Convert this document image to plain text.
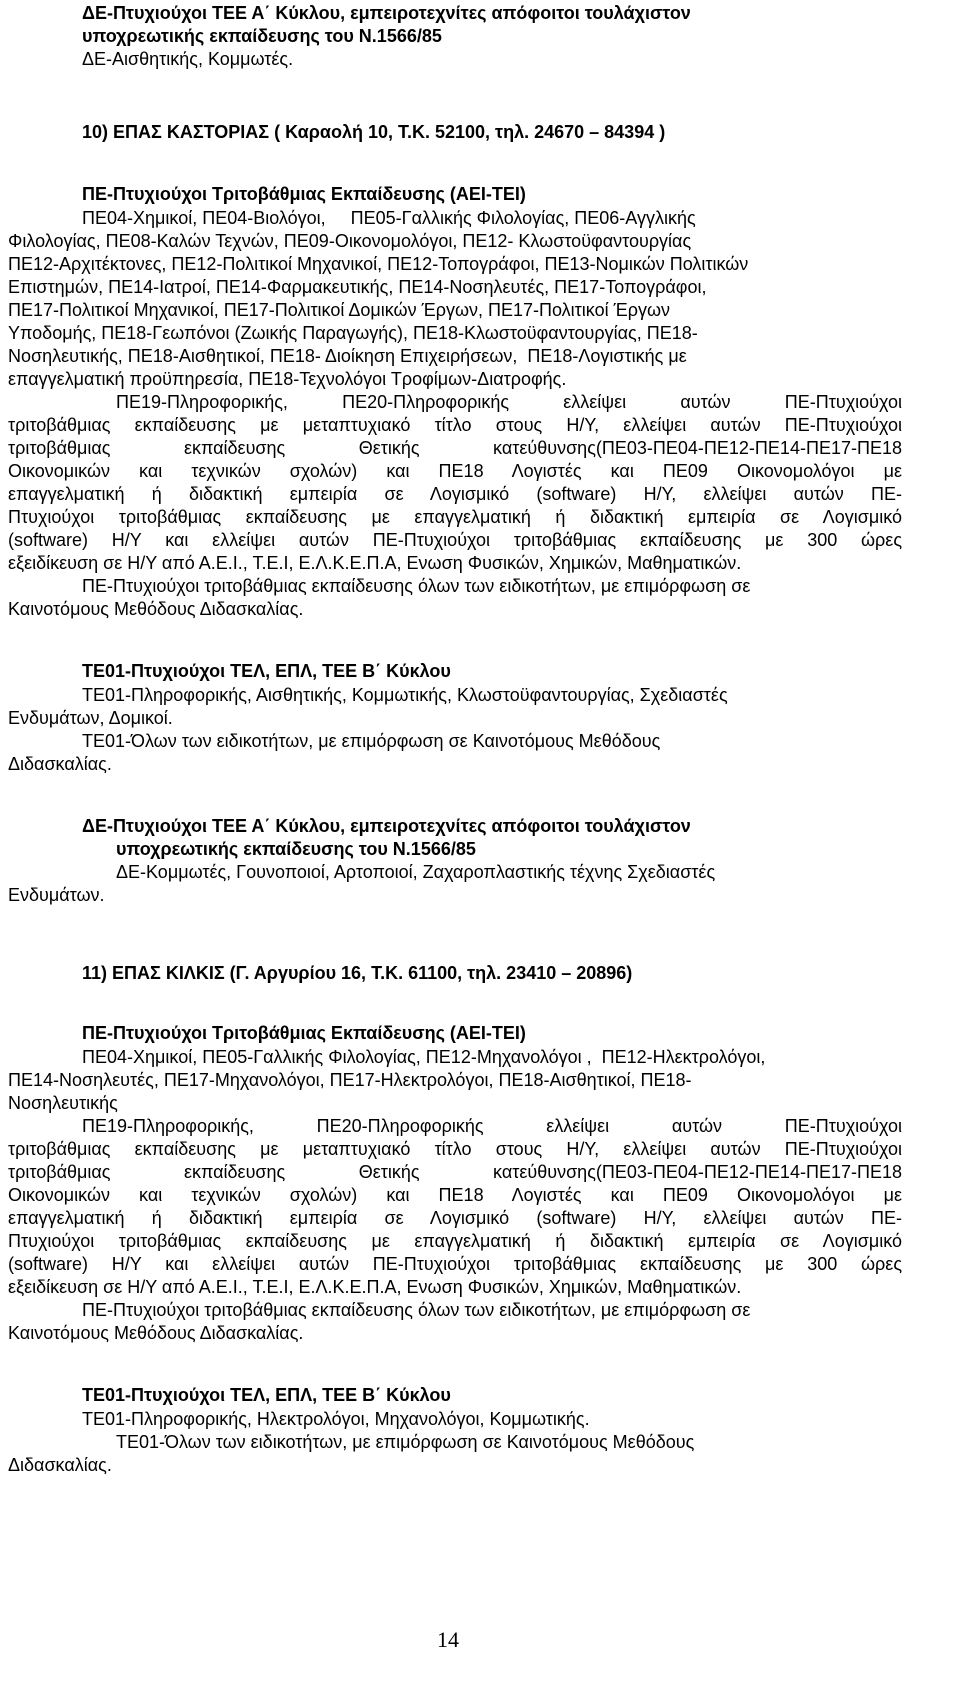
ΔΕ-Πτυχιούχοι ΤΕΕ Α΄ Κύκλου, εμπειροτεχνίτες απόφοιτοι τουλάχιστον
υποχρεωτικής εκπαίδευσης του Ν.1566/85
ΔΕ-Αισθητικής, Κομμωτές.
10) ΕΠΑΣ ΚΑΣΤΟΡΙΑΣ ( Καραολή 10, Τ.Κ. 52100, τηλ. 24670 – 84394 )
ΠΕ-Πτυχιούχοι Τριτοβάθμιας Εκπαίδευσης (ΑΕΙ-ΤΕΙ)
ΠΕ04-Χημικοί, ΠΕ04-Βιολόγοι,     ΠΕ05-Γαλλικής Φιλολογίας, ΠΕ06-Αγγλικής
Φιλολογίας, ΠΕ08-Καλών Τεχνών, ΠΕ09-Οικονομολόγοι, ΠΕ12- Κλωστοϋφαντουργίας
ΠΕ12-Αρχιτέκτονες, ΠΕ12-Πολιτικοί Μηχανικοί, ΠΕ12-Τοπογράφοι, ΠΕ13-Νομικών Πολιτικών
Επιστημών, ΠΕ14-Ιατροί, ΠΕ14-Φαρμακευτικής, ΠΕ14-Νοσηλευτές, ΠΕ17-Τοπογράφοι,
ΠΕ17-Πολιτικοί Μηχανικοί, ΠΕ17-Πολιτικοί Δομικών Έργων, ΠΕ17-Πολιτικοί Έργων
Υποδομής, ΠΕ18-Γεωπόνοι (Ζωικής Παραγωγής), ΠΕ18-Κλωστοϋφαντουργίας, ΠΕ18-
Νοσηλευτικής, ΠΕ18-Αισθητικοί, ΠΕ18- Διοίκηση Επιχειρήσεων,  ΠΕ18-Λογιστικής με
επαγγελματική προϋπηρεσία, ΠΕ18-Τεχνολόγοι Τροφίμων-Διατροφής.
ΠΕ19-Πληροφορικής, ΠΕ20-Πληροφορικής ελλείψει αυτών ΠΕ-Πτυχιούχοι
τριτοβάθμιας εκπαίδευσης με μεταπτυχιακό τίτλο στους Η/Υ, ελλείψει αυτών ΠΕ-Πτυχιούχοι
τριτοβάθμιας εκπαίδευσης Θετικής κατεύθυνσης(ΠΕ03-ΠΕ04-ΠΕ12-ΠΕ14-ΠΕ17-ΠΕ18
Οικονομικών και τεχνικών σχολών) και ΠΕ18 Λογιστές και ΠΕ09 Οικονομολόγοι με
επαγγελματική ή διδακτική εμπειρία σε Λογισμικό (software) Η/Υ, ελλείψει αυτών ΠΕ-
Πτυχιούχοι τριτοβάθμιας εκπαίδευσης με επαγγελματική ή διδακτική εμπειρία σε Λογισμικό
(software) Η/Υ και ελλείψει αυτών ΠΕ-Πτυχιούχοι τριτοβάθμιας εκπαίδευσης με 300 ώρες
εξειδίκευση σε Η/Υ από Α.Ε.Ι., Τ.Ε.Ι, Ε.Λ.Κ.Ε.Π.Α, Ενωση Φυσικών, Χημικών, Μαθηματικών.
ΠΕ-Πτυχιούχοι τριτοβάθμιας εκπαίδευσης όλων των ειδικοτήτων, με επιμόρφωση σε
Καινοτόμους Μεθόδους Διδασκαλίας.
ΤΕ01-Πτυχιούχοι ΤΕΛ, ΕΠΛ, ΤΕΕ Β΄ Κύκλου
ΤΕ01-Πληροφορικής, Αισθητικής, Κομμωτικής, Κλωστοϋφαντουργίας, Σχεδιαστές
Ενδυμάτων, Δομικοί.
ΤΕ01-Όλων των ειδικοτήτων, με επιμόρφωση σε Καινοτόμους Μεθόδους
Διδασκαλίας.
ΔΕ-Πτυχιούχοι ΤΕΕ Α΄ Κύκλου, εμπειροτεχνίτες απόφοιτοι τουλάχιστον
υποχρεωτικής εκπαίδευσης του Ν.1566/85
ΔΕ-Κομμωτές, Γουνοποιοί, Αρτοποιοί, Ζαχαροπλαστικής τέχνης Σχεδιαστές
Ενδυμάτων.
11) ΕΠΑΣ ΚΙΛΚΙΣ (Γ. Αργυρίου 16, Τ.Κ. 61100, τηλ. 23410 – 20896)
ΠΕ-Πτυχιούχοι Τριτοβάθμιας Εκπαίδευσης (ΑΕΙ-ΤΕΙ)
ΠΕ04-Χημικοί, ΠΕ05-Γαλλικής Φιλολογίας, ΠΕ12-Μηχανολόγοι ,  ΠΕ12-Ηλεκτρολόγοι,
ΠΕ14-Νοσηλευτές, ΠΕ17-Μηχανολόγοι, ΠΕ17-Ηλεκτρολόγοι, ΠΕ18-Αισθητικοί, ΠΕ18-
Νοσηλευτικής
ΠΕ19-Πληροφορικής, ΠΕ20-Πληροφορικής ελλείψει αυτών ΠΕ-Πτυχιούχοι
τριτοβάθμιας εκπαίδευσης με μεταπτυχιακό τίτλο στους Η/Υ, ελλείψει αυτών ΠΕ-Πτυχιούχοι
τριτοβάθμιας εκπαίδευσης Θετικής κατεύθυνσης(ΠΕ03-ΠΕ04-ΠΕ12-ΠΕ14-ΠΕ17-ΠΕ18
Οικονομικών και τεχνικών σχολών) και ΠΕ18 Λογιστές και ΠΕ09 Οικονομολόγοι με
επαγγελματική ή διδακτική εμπειρία σε Λογισμικό (software) Η/Υ, ελλείψει αυτών ΠΕ-
Πτυχιούχοι τριτοβάθμιας εκπαίδευσης με επαγγελματική ή διδακτική εμπειρία σε Λογισμικό
(software) Η/Υ και ελλείψει αυτών ΠΕ-Πτυχιούχοι τριτοβάθμιας εκπαίδευσης με 300 ώρες
εξειδίκευση σε Η/Υ από Α.Ε.Ι., Τ.Ε.Ι, Ε.Λ.Κ.Ε.Π.Α, Ενωση Φυσικών, Χημικών, Μαθηματικών.
ΠΕ-Πτυχιούχοι τριτοβάθμιας εκπαίδευσης όλων των ειδικοτήτων, με επιμόρφωση σε
Καινοτόμους Μεθόδους Διδασκαλίας.
ΤΕ01-Πτυχιούχοι ΤΕΛ, ΕΠΛ, ΤΕΕ Β΄ Κύκλου
ΤΕ01-Πληροφορικής, Ηλεκτρολόγοι, Μηχανολόγοι, Κομμωτικής.
ΤΕ01-Όλων των ειδικοτήτων, με επιμόρφωση σε Καινοτόμους Μεθόδους
Διδασκαλίας.
14
